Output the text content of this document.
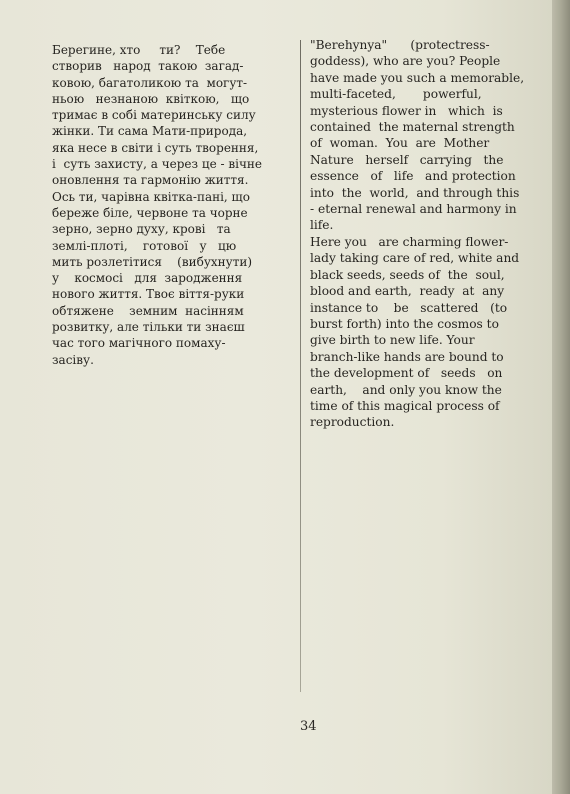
Берегине, хто     ти?    Тебе
створив   народ  такою  загад-
ковою, багатоликою та  могут-
ньою   незнаною  квіткою,   що
тримає в собі материнську силу
жінки. Ти сама Мати-природа,
яка несе в світи і суть творення,
і  суть захисту, а через це - вічне
оновлення та гармонію життя.
Ось ти, чарівна квітка-пані, що
береже біле, червоне та чорне
зерно, зерно духу, крові   та
землі-плоті,    готової   у   цю
мить розлетітися    (вибухнути)
у    космосі   для  зародження
нового життя. Твоє віття-руки
обтяжене    земним  насінням
розвитку, але тільки ти знаєш
час того магічного помаху-
засіву.
"Berehynya"      (protectress-
goddess), who are you? People
have made you such a memorable,
multi-faceted,       powerful,
mysterious flower in   which  is
contained  the maternal strength
of  woman.  You  are  Mother
Nature   herself   carrying   the
essence   of   life   and protection
into  the  world,  and through this
- eternal renewal and harmony in
life.
Here you   are charming flower-
lady taking care of red, white and
black seeds, seeds of  the  soul,
blood and earth,  ready  at  any
instance to    be   scattered   (to
burst forth) into the cosmos to
give birth to new life. Your
branch-like hands are bound to
the development of   seeds   on
earth,    and only you know the
time of this magical process of
reproduction.
34
